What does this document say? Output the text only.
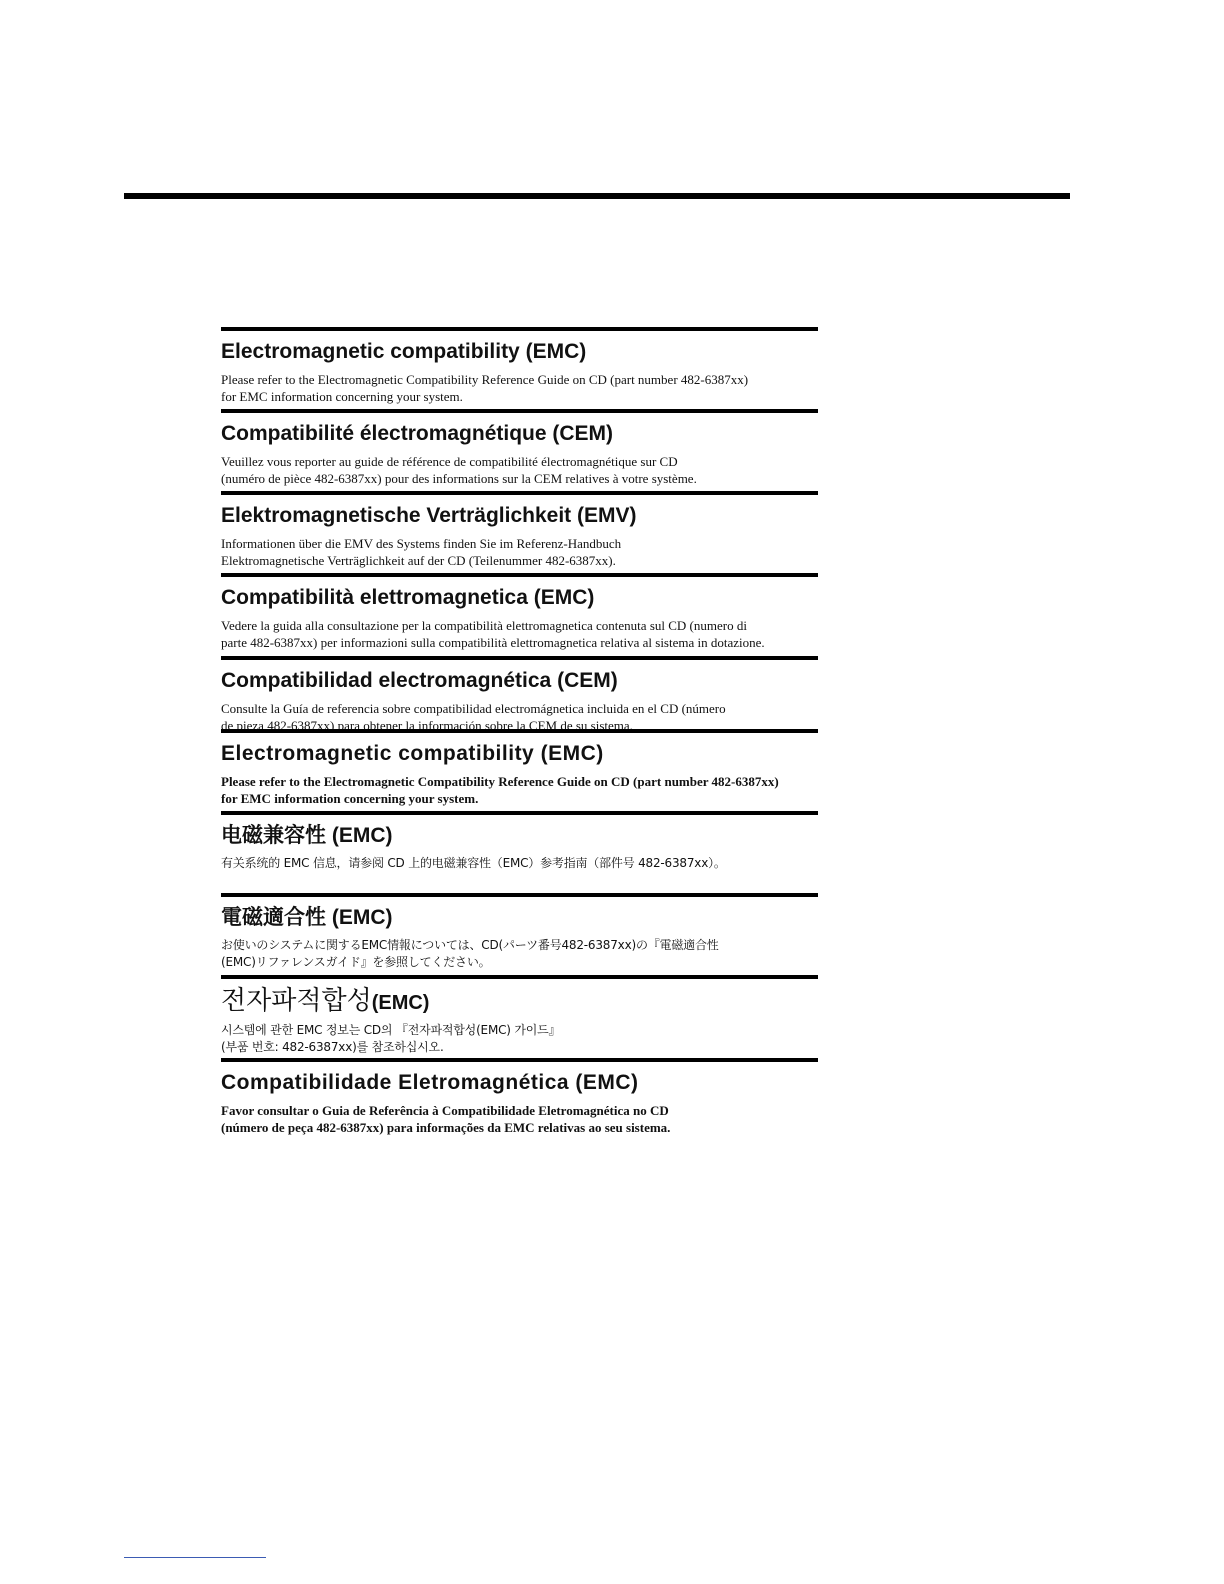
Electromagnetic compatibility (EMC)

Please refer to the Electromagnetic Compatibility Reference Guide on CD (part number 482-6387xx)

for EMC information concerning your system.

Compatibilité électromagnétique (CEM)

Veuillez vous reporter au guide de référence de compatibilité électromagnétique sur CD

(numéro de pièce 482-6387xx) pour des informations sur la CEM relatives à votre système.

Elektromagnetische Verträglichkeit (EMV)

Informationen über die EMV des Systems finden Sie im Referenz-Handbuch

Elektromagnetische Verträglichkeit auf der CD (Teilenummer 482-6387xx).

Compatibilità elettromagnetica (EMC)

Vedere la guida alla consultazione per la compatibilità elettromagnetica contenuta sul CD (numero di

parte 482-6387xx) per informazioni sulla compatibilità elettromagnetica relativa al sistema in dotazione.

Compatibilidad electromagnética (CEM)

Consulte la Guía de referencia sobre compatibilidad electromágnetica incluida en el CD (número

de pieza 482-6387xx) para obtener la información sobre la CEM de su sistema.

Electromagnetic compatibility (EMC)

Please refer to the Electromagnetic Compatibility Reference Guide on CD (part number 482-6387xx)

for EMC information concerning your system.

电磁兼容性 (EMC)

有关系统的 EMC 信息，请参阅 CD 上的电磁兼容性（EMC）参考指南（部件号 482-6387xx）。

電磁適合性 (EMC)

お使いのシステムに関するEMC情報については、CD(パーツ番号482-6387xx)の『電磁適合性

(EMC)リファレンスガイド』を参照してください。

전자파적합성(EMC)

시스템에 관한 EMC 정보는 CD의 『전자파적합성(EMC) 가이드』

(부품 번호: 482-6387xx)를 참조하십시오.

Compatibilidade Eletromagnética (EMC)

Favor consultar o Guia de Referência à Compatibilidade Eletromagnética no CD

(número de peça 482-6387xx) para informações da EMC relativas ao seu sistema.
